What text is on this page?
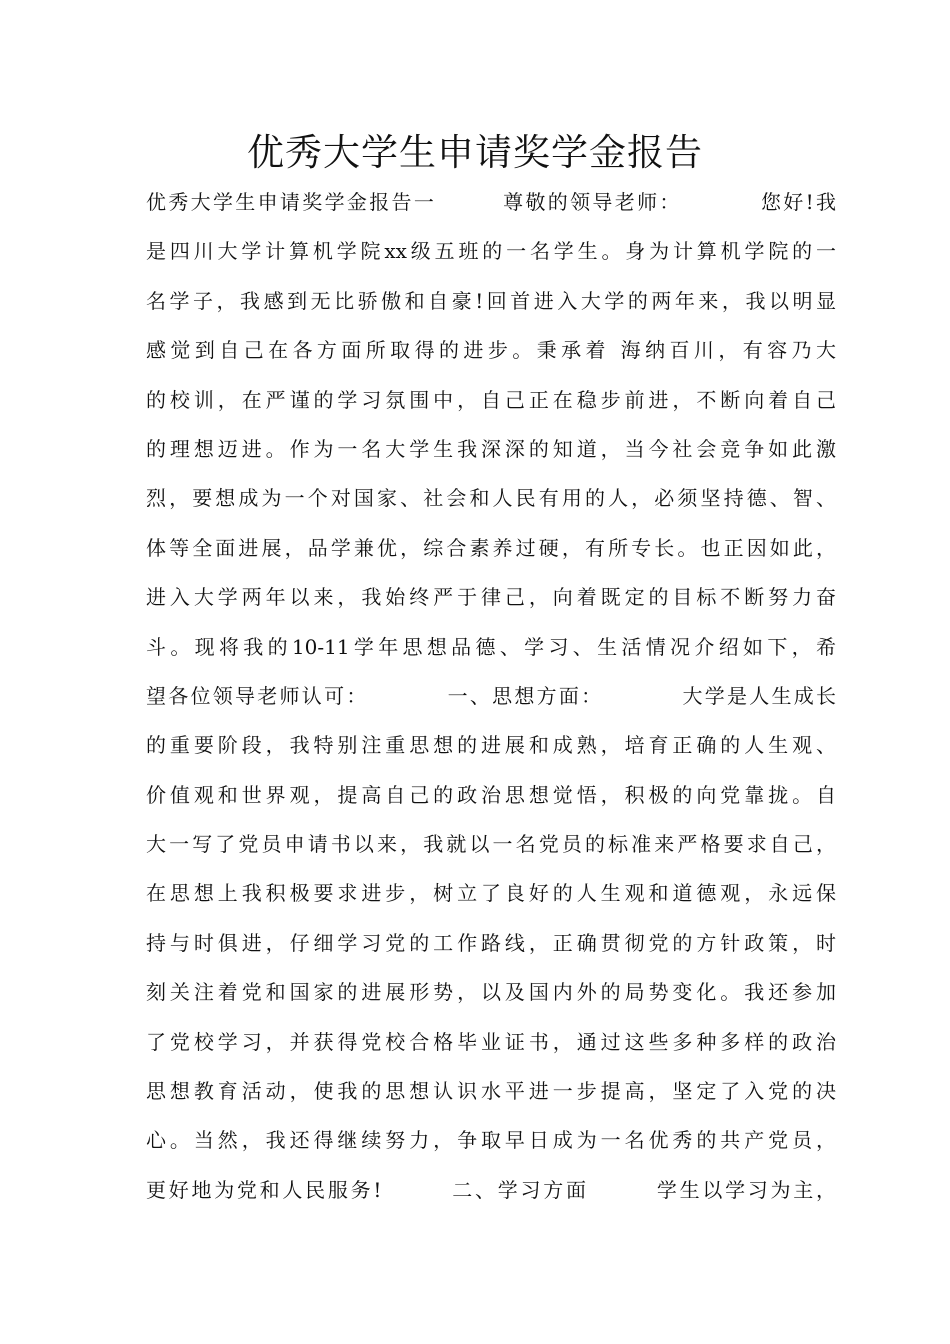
优秀大学生申请奖学金报告
优秀大学生申请奖学金报告一　　　尊敬的领导老师：　　　　您好!我
是四川大学计算机学院xx级五班的一名学生。身为计算机学院的一
名学子，我感到无比骄傲和自豪!回首进入大学的两年来，我以明显
感觉到自己在各方面所取得的进步。秉承着 海纳百川，有容乃大
的校训，在严谨的学习氛围中，自己正在稳步前进，不断向着自己
的理想迈进。作为一名大学生我深深的知道，当今社会竞争如此激
烈，要想成为一个对国家、社会和人民有用的人，必须坚持德、智、
体等全面进展，品学兼优，综合素养过硬，有所专长。也正因如此，
进入大学两年以来，我始终严于律己，向着既定的目标不断努力奋
斗。现将我的10-11学年思想品德、学习、生活情况介绍如下，希
望各位领导老师认可：　　　　一、思想方面：　　　　大学是人生成长
的重要阶段，我特别注重思想的进展和成熟，培育正确的人生观、
价值观和世界观，提高自己的政治思想觉悟，积极的向党靠拢。自
大一写了党员申请书以来，我就以一名党员的标准来严格要求自己，
在思想上我积极要求进步，树立了良好的人生观和道德观，永远保
持与时俱进，仔细学习党的工作路线，正确贯彻党的方针政策，时
刻关注着党和国家的进展形势，以及国内外的局势变化。我还参加
了党校学习，并获得党校合格毕业证书，通过这些多种多样的政治
思想教育活动，使我的思想认识水平进一步提高，坚定了入党的决
心。当然，我还得继续努力，争取早日成为一名优秀的共产党员，
更好地为党和人民服务!　　　二、学习方面　　　学生以学习为主，
